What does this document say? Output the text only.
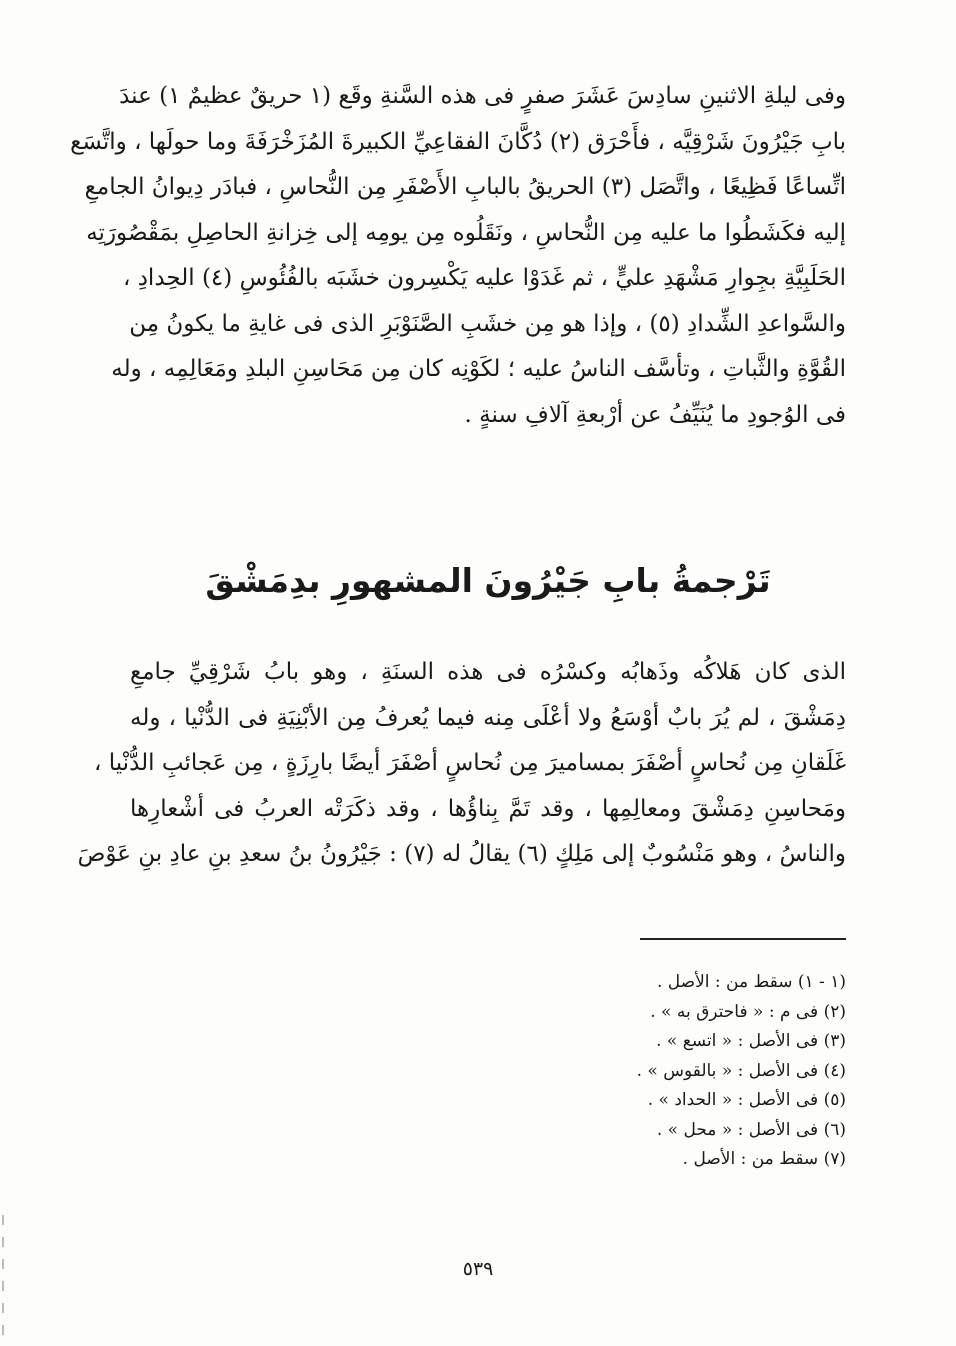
وفى ليلةِ الاثنينِ سادِسَ عَشَرَ صفرٍ فى هذه السَّنةِ وقَع (١ حريقٌ عظيمٌ ١) عندَ
بابِ جَيْرُونَ شَرْقِيَّه ، فأَحْرَق (٢) دُكَّانَ الفقاعِيِّ الكبيرةَ المُزَخْرَفَةَ وما حولَها ، واتَّسَع
اتِّساعًا فَظِيعًا ، واتَّصَل (٣) الحريقُ بالبابِ الأَصْفَرِ مِن النُّحاسِ ، فبادَر دِيوانُ الجامعِ
إليه فكَشَطُوا ما عليه مِن النُّحاسِ ، ونَقَلُوه مِن يومِه إلى خِزانةِ الحاصِلِ بمَقْصُورَتِه
الحَلَبِيَّةِ بجِوارِ مَشْهَدِ عليٍّ ، ثم غَدَوْا عليه يَكْسِرون خشَبَه بالفُئُوسِ (٤) الحِدادِ ،
والسَّواعدِ الشِّدادِ (٥) ، وإذا هو مِن خشَبِ الصَّنَوْبَرِ الذى فى غايةِ ما يكونُ مِن
القُوَّةِ والثَّباتِ ، وتأسَّف الناسُ عليه ؛ لكَوْنِه كان مِن مَحَاسِنِ البلدِ ومَعَالِمِه ، وله
فى الوُجودِ ما يُنَيِّفُ عن أرْبعةِ آلافِ سنةٍ .
تَرْجمةُ بابِ جَيْرُونَ المشهورِ بدِمَشْقَ
الذى كان هَلاكُه وذَهابُه وكسْرُه فى هذه السنَةِ ، وهو بابُ شَرْقِيِّ جامعِ
دِمَشْقَ ، لم يُرَ بابٌ أوْسَعُ ولا أعْلَى مِنه فيما يُعرفُ مِن الأبْنِيَةِ فى الدُّنْيا ، وله
غَلَقانِ مِن نُحاسٍ أصْفَرَ بمساميرَ مِن نُحاسٍ أصْفَرَ أيضًا بارِزَةٍ ، مِن عَجائبِ الدُّنْيا ،
ومَحاسِنِ دِمَشْقَ ومعالِمِها ، وقد تَمَّ بِناؤُها ، وقد ذكَرَتْه العربُ فى أشْعارِها
والناسُ ، وهو مَنْسُوبٌ إلى مَلِكٍ (٦) يقالُ له (٧) : جَيْرُونُ بنُ سعدِ بنِ عادِ بنِ عَوْصَ
(١ - ١) سقط من : الأصل .
(٢) فى م : « فاحترق به » .
(٣) فى الأصل : « اتسع » .
(٤) فى الأصل : « بالقوس » .
(٥) فى الأصل : « الحداد » .
(٦) فى الأصل : « محل » .
(٧) سقط من : الأصل .
٥٣٩
